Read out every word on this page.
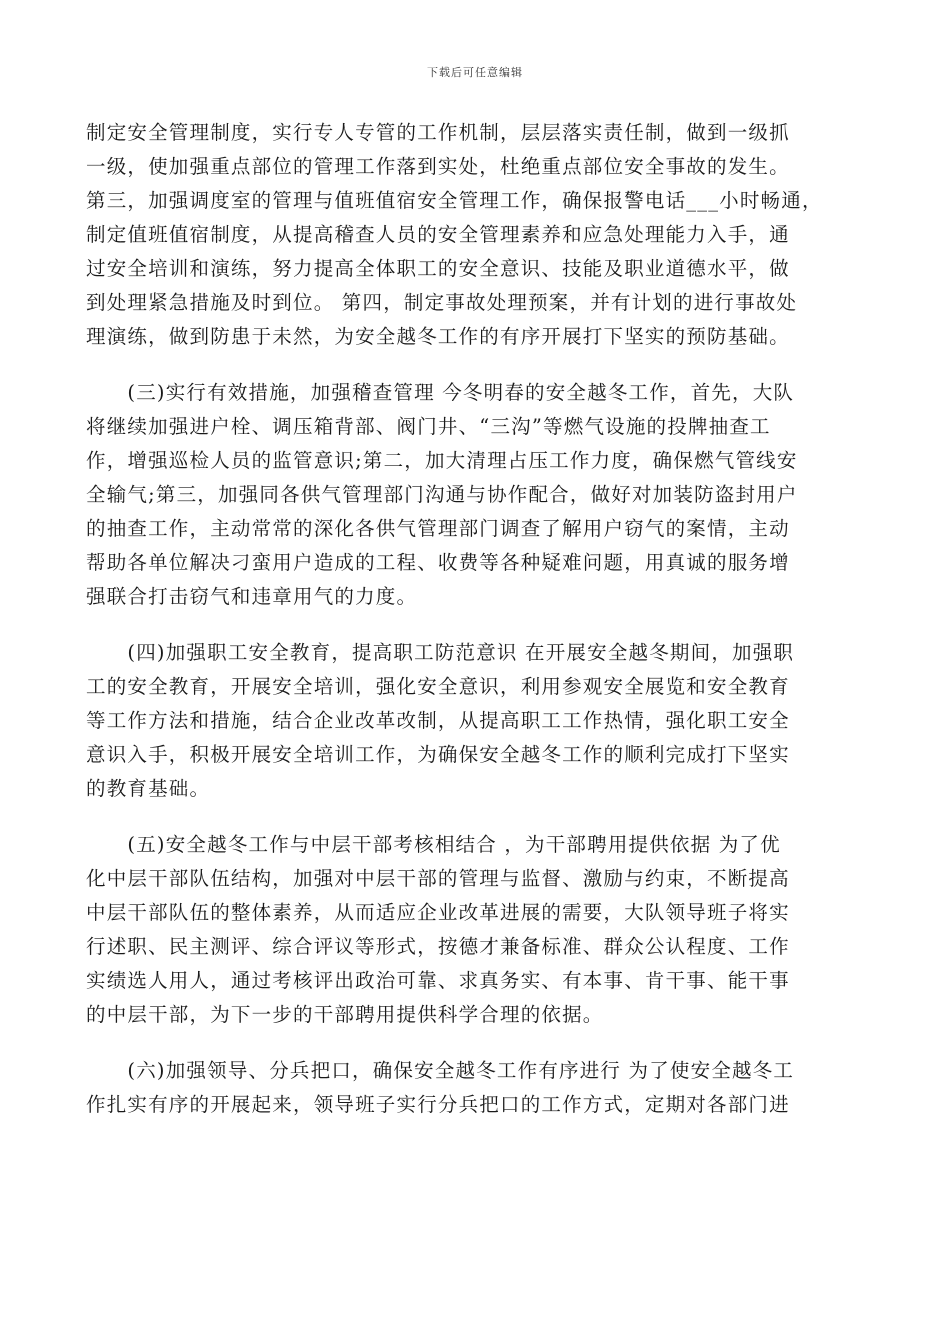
下载后可任意编辑
制定安全管理制度，实行专人专管的工作机制，层层落实责任制，做到一级抓
一级，使加强重点部位的管理工作落到实处，杜绝重点部位安全事故的发生。
第三，加强调度室的管理与值班值宿安全管理工作，确保报警电话___小时畅通，
制定值班值宿制度，从提高稽查人员的安全管理素养和应急处理能力入手，通
过安全培训和演练，努力提高全体职工的安全意识、技能及职业道德水平，做
到处理紧急措施及时到位。 第四，制定事故处理预案，并有计划的进行事故处
理演练，做到防患于未然，为安全越冬工作的有序开展打下坚实的预防基础。
　　(三)实行有效措施，加强稽查管理 今冬明春的安全越冬工作，首先，大队
将继续加强进户栓、调压箱背部、阀门井、“三沟”等燃气设施的投牌抽查工
作，增强巡检人员的监管意识;第二，加大清理占压工作力度，确保燃气管线安
全输气;第三，加强同各供气管理部门沟通与协作配合，做好对加装防盗封用户
的抽查工作，主动常常的深化各供气管理部门调查了解用户窃气的案情，主动
帮助各单位解决刁蛮用户造成的工程、收费等各种疑难问题，用真诚的服务增
强联合打击窃气和违章用气的力度。
　　(四)加强职工安全教育，提高职工防范意识 在开展安全越冬期间，加强职
工的安全教育，开展安全培训，强化安全意识，利用参观安全展览和安全教育
等工作方法和措施，结合企业改革改制，从提高职工工作热情，强化职工安全
意识入手，积极开展安全培训工作，为确保安全越冬工作的顺利完成打下坚实
的教育基础。
　　(五)安全越冬工作与中层干部考核相结合 ，为干部聘用提供依据 为了优
化中层干部队伍结构，加强对中层干部的管理与监督、激励与约束，不断提高
中层干部队伍的整体素养，从而适应企业改革进展的需要，大队领导班子将实
行述职、民主测评、综合评议等形式，按德才兼备标准、群众公认程度、工作
实绩选人用人，通过考核评出政治可靠、求真务实、有本事、肯干事、能干事
的中层干部，为下一步的干部聘用提供科学合理的依据。
　　(六)加强领导、分兵把口，确保安全越冬工作有序进行 为了使安全越冬工
作扎实有序的开展起来，领导班子实行分兵把口的工作方式，定期对各部门进
